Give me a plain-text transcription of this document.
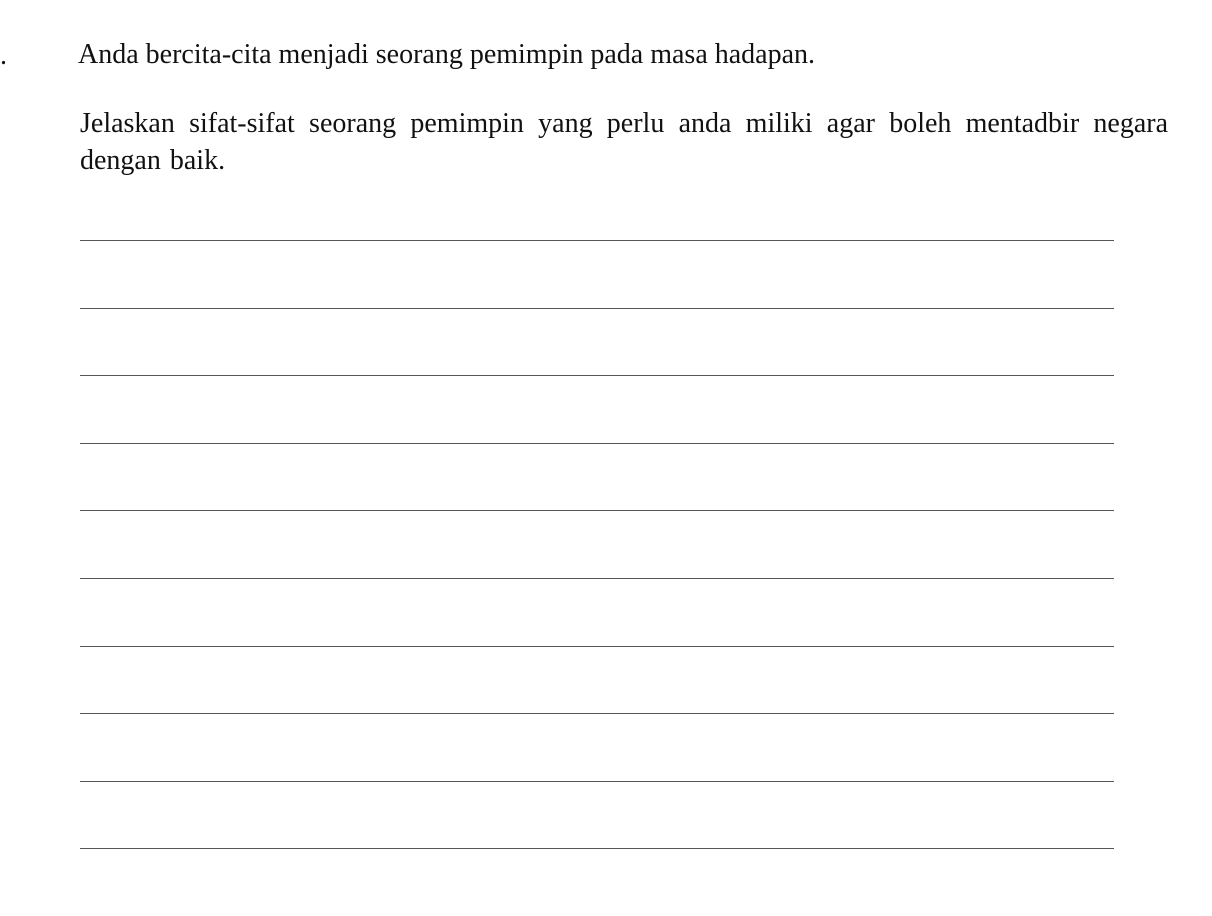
.	Anda bercita-cita menjadi seorang pemimpin pada masa hadapan.
Jelaskan sifat-sifat seorang pemimpin yang perlu anda miliki agar boleh mentadbir negara dengan baik.
